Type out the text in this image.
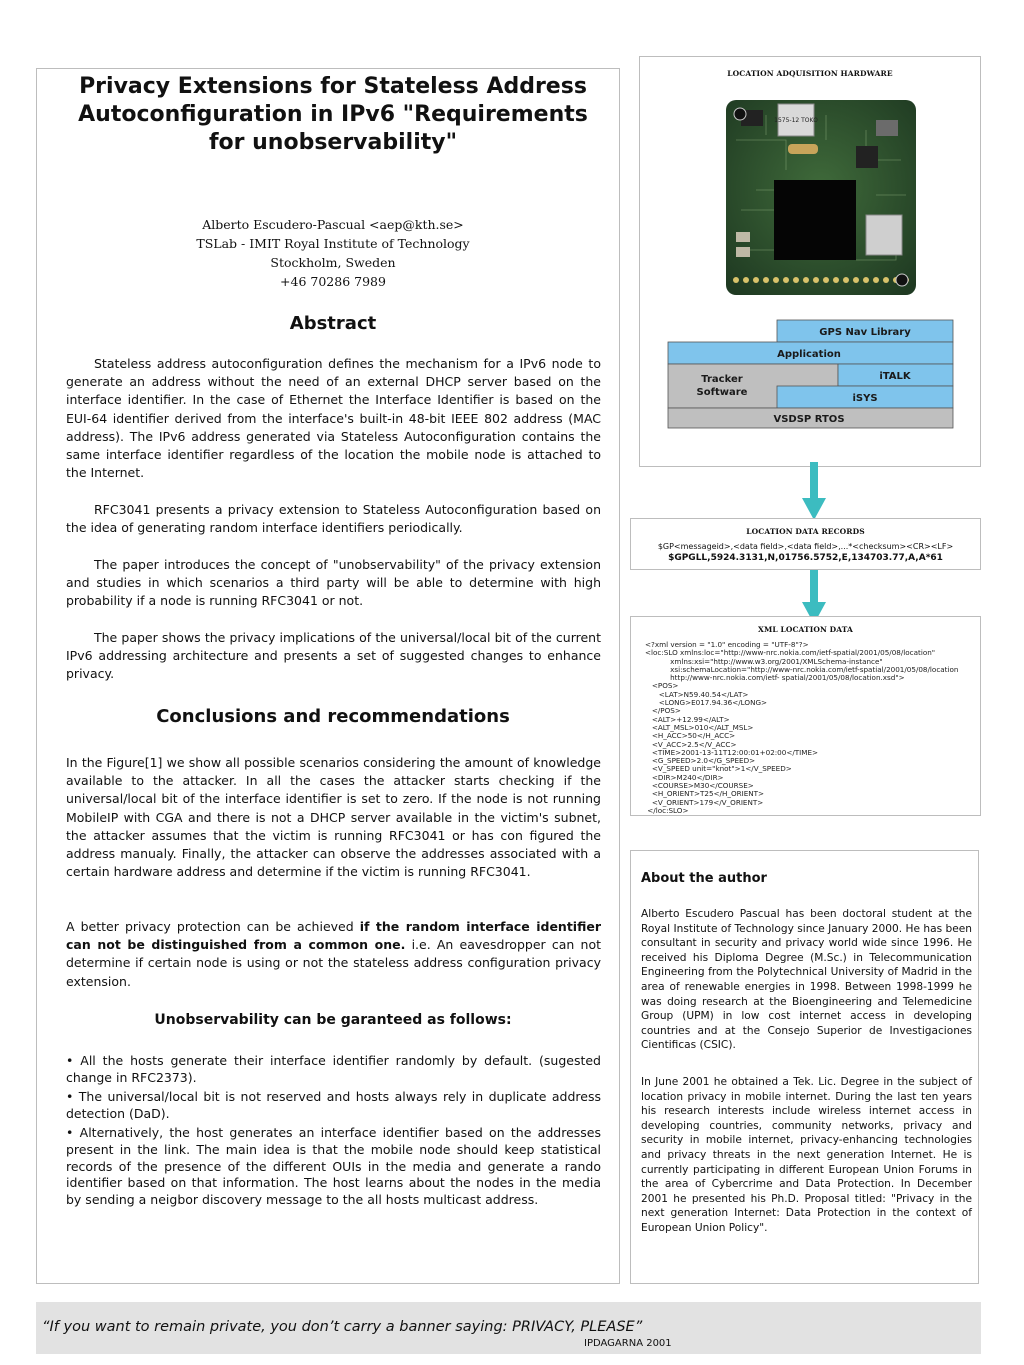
Privacy Extensions for Stateless Address Autoconfiguration in IPv6 "Requirements for unobservability"
Alberto Escudero-Pascual <aep@kth.se>
TSLab - IMIT Royal Institute of Technology
Stockholm, Sweden
+46 70286 7989
Abstract

Stateless address autoconfiguration defines the mechanism for a IPv6 node to generate an address without the need of an external DHCP server based on the interface identifier. In the case of Ethernet the Interface Identifier is based on the EUI-64 identifier derived from the interface's built-in 48-bit IEEE 802 address (MAC address). The IPv6 address generated via Stateless Autoconfiguration contains the same interface identifier regardless of the location the mobile node is attached to the Internet.

RFC3041 presents a privacy extension to Stateless Autoconfiguration based on the idea of generating random interface identifiers periodically.

The paper introduces the concept of "unobservability" of the privacy extension and studies in which scenarios a third party will be able to determine with high probability if a node is running RFC3041 or not.

The paper shows the privacy implications of the universal/local bit of the current IPv6 addressing architecture and presents a set of suggested changes to enhance privacy.

Conclusions and recommendations

In the Figure[1] we show all possible scenarios considering the amount of knowledge available to the attacker. In all the cases the attacker starts checking if the universal/local bit of the interface identifier is set to zero. If the node is not running MobileIP with CGA and there is not a DHCP server available in the victim's subnet, the attacker assumes that the victim is running RFC3041 or has con figured the address manualy. Finally, the attacker can observe the addresses associated with a certain hardware address and determine if the victim is running RFC3041.

A better privacy protection can be achieved if the random interface identifier can not be distinguished from a common one. i.e. An eavesdropper can not determine if certain node is using or not the stateless address configuration privacy extension.

Unobservability can be garanteed as follows:
• All the hosts generate their interface identifier randomly by default. (sugested change in RFC2373).
• The universal/local bit is not reserved and hosts always rely in duplicate address detection (DaD).
• Alternatively, the host generates an interface identifier based on the addresses present in the link. The main idea is that the mobile node should keep statistical records of the presence of the different OUIs in the media and generate a rando identifier based on that information. The host learns about the nodes in the media by sending a neigbor discovery message to the all hosts multicast address.
LOCATION ADQUISITION HARDWARE
1575-12 TOKO
GPS Nav Library
Application
Tracker
Software
iTALK
iSYS
VSDSP RTOS
LOCATION DATA RECORDS
$GP<messageid>,<data field>,<data field>,...*<checksum><CR><LF>
$GPGLL,5924.3131,N,01756.5752,E,134703.77,A,A*61
XML LOCATION DATA
<?xml version = "1.0" encoding = "UTF-8"?>
<loc:SLO xmlns:loc="http://www-nrc.nokia.com/ietf-spatial/2001/05/08/location"
xmlns:xsi="http://www.w3.org/2001/XMLSchema-instance"
xsi:schemaLocation="http://www-nrc.nokia.com/ietf-spatial/2001/05/08/location
http://www-nrc.nokia.com/ietf- spatial/2001/05/08/location.xsd">
<POS>
<LAT>N59.40.54</LAT>
<LONG>E017.94.36</LONG>
</POS>
<ALT>+12.99</ALT>
<ALT_MSL>010</ALT_MSL>
<H_ACC>50</H_ACC>
<V_ACC>2.5</V_ACC>
<TIME>2001-13-11T12:00:01+02:00</TIME>
<G_SPEED>2.0</G_SPEED>
<V_SPEED unit="knot">1</V_SPEED>
<DIR>M240</DIR>
<COURSE>M30</COURSE>
<H_ORIENT>T25</H_ORIENT>
<V_ORIENT>179</V_ORIENT>
</loc:SLO>
About the author

Alberto Escudero Pascual has been doctoral student at the Royal Institute of Technology since January 2000. He has been consultant in security and privacy world wide since 1996. He received his Diploma Degree (M.Sc.) in Telecommunication Engineering from the Polytechnical University of Madrid in the area of renewable energies in 1998. Between 1998-1999 he was doing research at the Bioengineering and Telemedicine Group (UPM) in low cost internet access in developing countries and at the Consejo Superior de Investigaciones Cientificas (CSIC).

In June 2001 he obtained a Tek. Lic. Degree in the subject of location privacy in mobile internet. During the last ten years his research interests include wireless internet access in developing countries, community networks, privacy and security in mobile internet, privacy-enhancing technologies and privacy threats in the next generation Internet. He is currently participating in different European Union Forums in the area of Cybercrime and Data Protection. In December 2001 he presented his Ph.D. Proposal titled: "Privacy in the next generation Internet: Data Protection in the context of European Union Policy".

“If you want to remain private, you don’t carry a banner saying: PRIVACY, PLEASE”
IPDAGARNA 2001
